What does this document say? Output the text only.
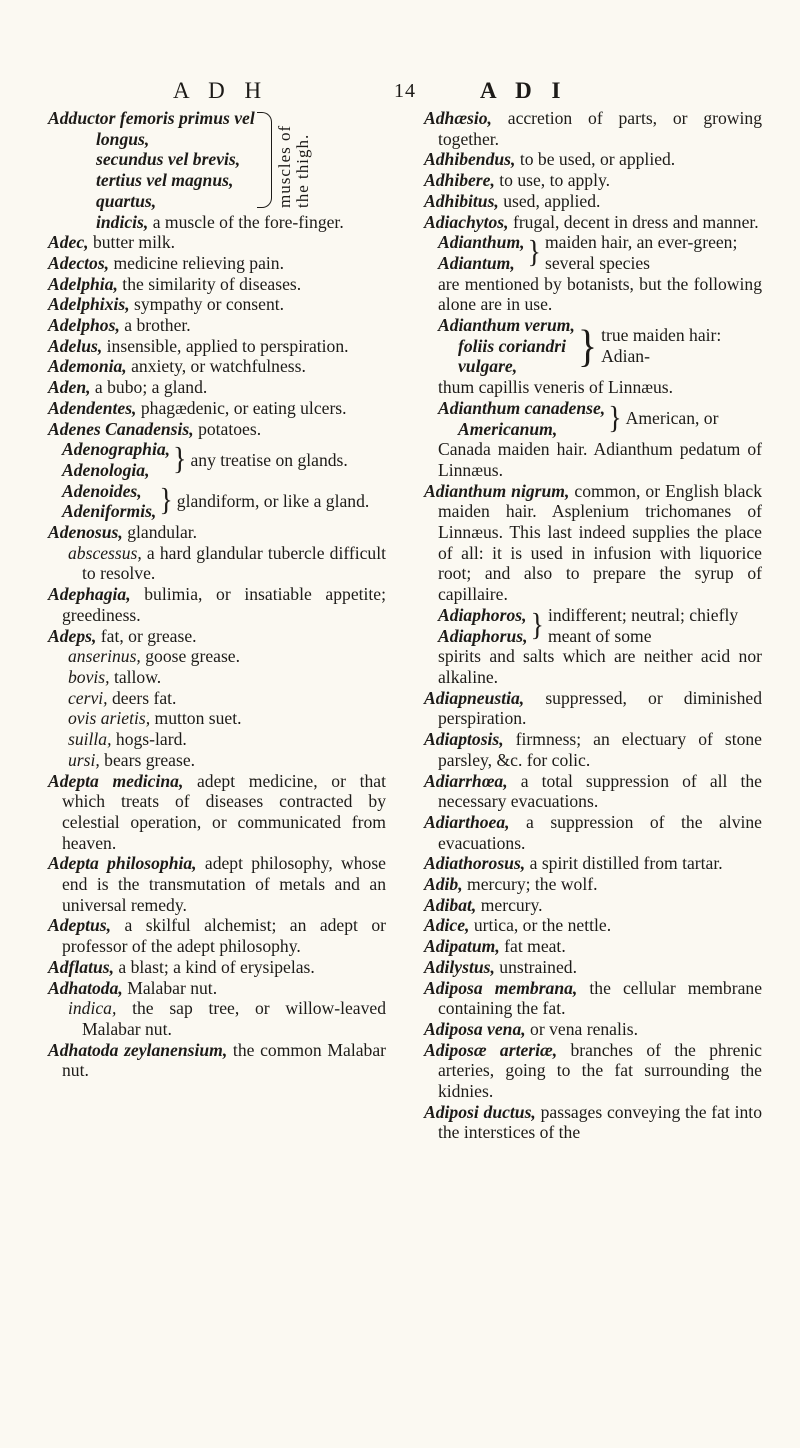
A D H	14	A D I
Adductor femoris primus vel
longus,
secundus vel brevis,
tertius vel magnus,
quartus,	muscles of the thigh.
indicis, a muscle of the fore-finger.
Adec, butter milk.
Adectos, medicine relieving pain.
Adelphia, the similarity of diseases.
Adelphixis, sympathy or consent.
Adelphos, a brother.
Adelus, insensible, applied to perspiration.
Ademonia, anxiety, or watchfulness.
Aden, a bubo; a gland.
Adendentes, phagædenic, or eating ulcers.
Adenes Canadensis, potatoes.
Adenographia,
Adenologia, } any treatise on glands.
Adenoides,
Adeniformis, } glandiform, or like a gland.
Adenosus, glandular.
abscessus, a hard glandular tubercle difficult to resolve.
Adephagia, bulimia, or insatiable appetite; greediness.
Adeps, fat, or grease.
anserinus, goose grease.
bovis, tallow.
cervi, deers fat.
ovis arietis, mutton suet.
suilla, hogs-lard.
ursi, bears grease.
Adepta medicina, adept medicine, or that which treats of diseases contracted by celestial operation, or communicated from heaven.
Adepta philosophia, adept philosophy, whose end is the transmutation of metals and an universal remedy.
Adeptus, a skilful alchemist; an adept or professor of the adept philosophy.
Adflatus, a blast; a kind of erysipelas.
Adhatoda, Malabar nut.
indica, the sap tree, or willow-leaved Malabar nut.
Adhatoda zeylanensium, the common Malabar nut.
Adhæsio, accretion of parts, or growing together.
Adhibendus, to be used, or applied.
Adhibere, to use, to apply.
Adhibitus, used, applied.
Adiachytos, frugal, decent in dress and manner.
Adianthum,
Adiantum, } maiden hair, an ever-green; several species
are mentioned by botanists, but the following alone are in use.
Adianthum verum,
foliis coriandri
vulgare,	} true maiden hair: Adian-
thum capillis veneris of Linnæus.
Adianthum canadense,
Americanum,	} American, or
Canada maiden hair. Adianthum pedatum of Linnæus.
Adianthum nigrum, common, or English black maiden hair. Asplenium trichomanes of Linnæus. This last indeed supplies the place of all: it is used in infusion with liquorice root; and also to prepare the syrup of capillaire.
Adiaphoros,
Adiaphorus, } indifferent; neutral; chiefly meant of some
spirits and salts which are neither acid nor alkaline.
Adiapneustia, suppressed, or diminished perspiration.
Adiaptosis, firmness; an electuary of stone parsley, &c. for colic.
Adiarrhœa, a total suppression of all the necessary evacuations.
Adiarthoea, a suppression of the alvine evacuations.
Adiathorosus, a spirit distilled from tartar.
Adib, mercury; the wolf.
Adibat, mercury.
Adice, urtica, or the nettle.
Adipatum, fat meat.
Adilystus, unstrained.
Adiposa membrana, the cellular membrane containing the fat.
Adiposa vena, or vena renalis.
Adiposæ arteriæ, branches of the phrenic arteries, going to the fat surrounding the kidnies.
Adiposi ductus, passages conveying the fat into the interstices of the
